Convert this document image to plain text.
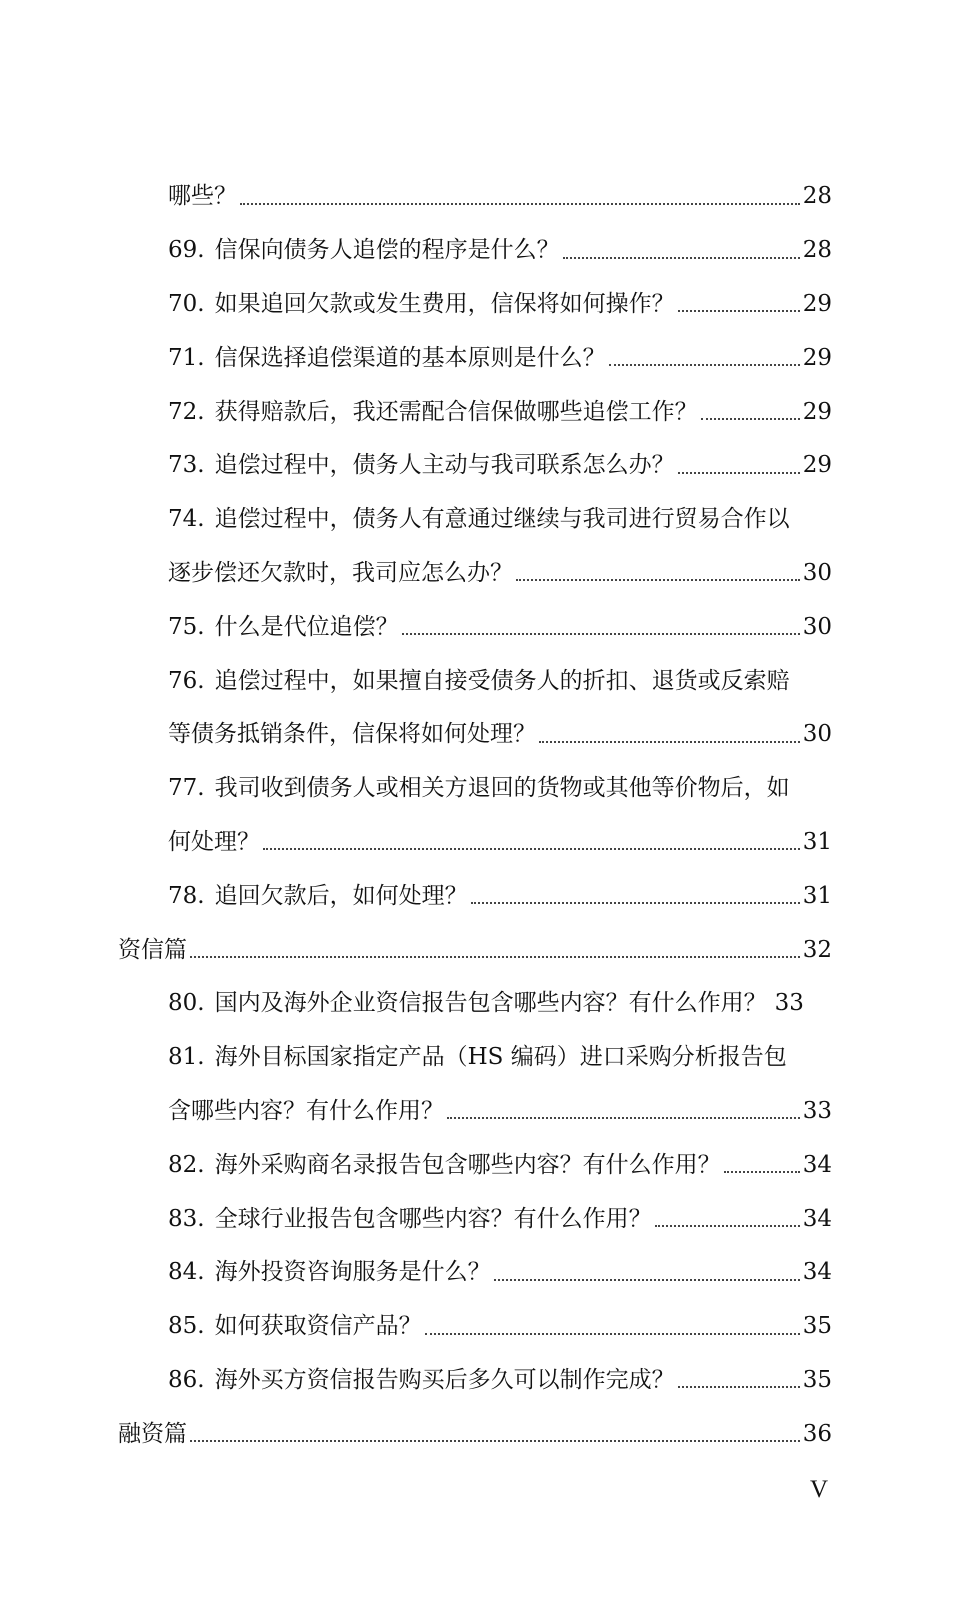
哪些？	28
69. 信保向债务人追偿的程序是什么？	28
70. 如果追回欠款或发生费用，信保将如何操作？	29
71. 信保选择追偿渠道的基本原则是什么？	29
72. 获得赔款后，我还需配合信保做哪些追偿工作？	29
73. 追偿过程中，债务人主动与我司联系怎么办？	29
74. 追偿过程中，债务人有意通过继续与我司进行贸易合作以
逐步偿还欠款时，我司应怎么办？	30
75. 什么是代位追偿？	30
76. 追偿过程中，如果擅自接受债务人的折扣、退货或反索赔
等债务抵销条件，信保将如何处理？	30
77. 我司收到债务人或相关方退回的货物或其他等价物后，如
何处理？	31
78. 追回欠款后，如何处理？	31
资信篇	32
80. 国内及海外企业资信报告包含哪些内容？有什么作用？ 33
81. 海外目标国家指定产品（HS 编码）进口采购分析报告包
含哪些内容？有什么作用？	33
82. 海外采购商名录报告包含哪些内容？有什么作用？	34
83. 全球行业报告包含哪些内容？有什么作用？	34
84. 海外投资咨询服务是什么？	34
85. 如何获取资信产品？	35
86. 海外买方资信报告购买后多久可以制作完成？	35
融资篇	36
V
